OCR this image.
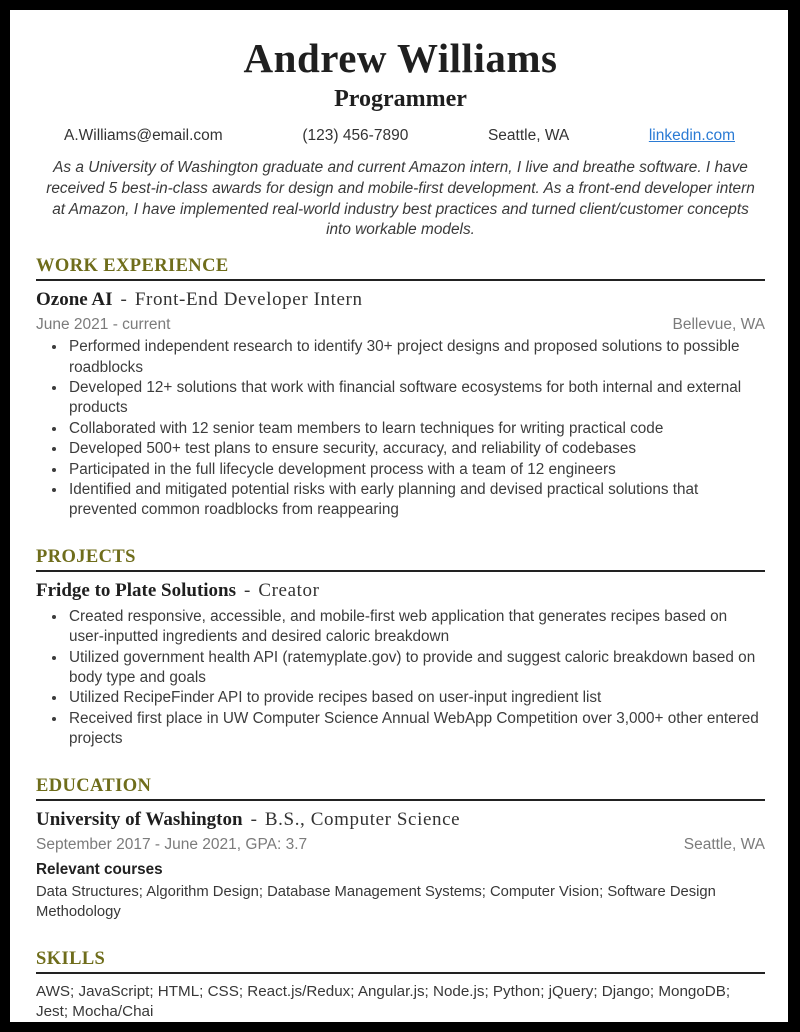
Andrew Williams
Programmer
A.Williams@email.com	(123) 456-7890	Seattle, WA	linkedin.com

As a University of Washington graduate and current Amazon intern, I live and breathe software. I have received 5 best-in-class awards for design and mobile-first development. As a front-end developer intern at Amazon, I have implemented real-world industry best practices and turned client/customer concepts into workable models.

WORK EXPERIENCE
Ozone AI - Front-End Developer Intern
June 2021 - current	Bellevue, WA
• Performed independent research to identify 30+ project designs and proposed solutions to possible roadblocks
• Developed 12+ solutions that work with financial software ecosystems for both internal and external products
• Collaborated with 12 senior team members to learn techniques for writing practical code
• Developed 500+ test plans to ensure security, accuracy, and reliability of codebases
• Participated in the full lifecycle development process with a team of 12 engineers
• Identified and mitigated potential risks with early planning and devised practical solutions that prevented common roadblocks from reappearing
PROJECTS
Fridge to Plate Solutions - Creator
• Created responsive, accessible, and mobile-first web application that generates recipes based on user-inputted ingredients and desired caloric breakdown
• Utilized government health API (ratemyplate.gov) to provide and suggest caloric breakdown based on body type and goals
• Utilized RecipeFinder API to provide recipes based on user-input ingredient list
• Received first place in UW Computer Science Annual WebApp Competition over 3,000+ other entered projects
EDUCATION
University of Washington - B.S., Computer Science
September 2017 - June 2021, GPA: 3.7	Seattle, WA
Relevant courses
Data Structures; Algorithm Design; Database Management Systems; Computer Vision; Software Design Methodology
SKILLS
AWS; JavaScript; HTML; CSS; React.js/Redux; Angular.js; Node.js; Python; jQuery; Django; MongoDB; Jest; Mocha/Chai
